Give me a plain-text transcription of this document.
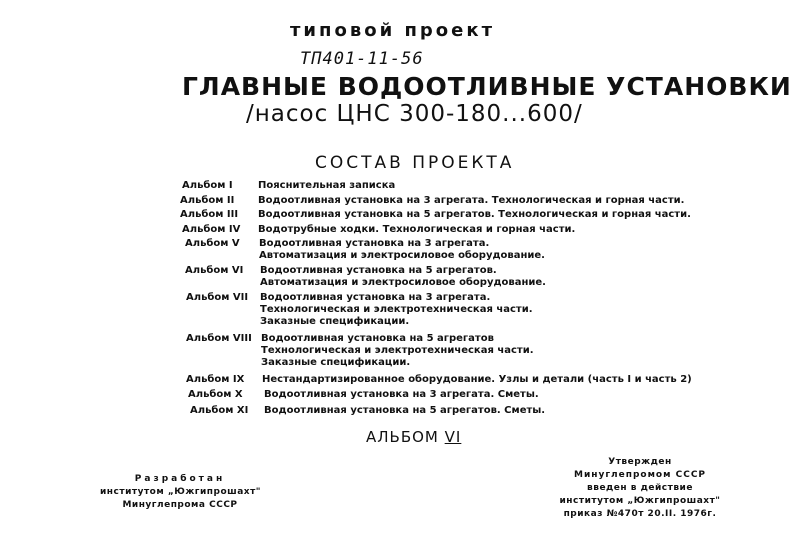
типовой проект
ТП401-11-56
ГЛАВНЫЕ ВОДООТЛИВНЫЕ УСТАНОВКИ
/насос ЦНС 300-180...600/
СОСТАВ ПРОЕКТА
Альбом I	Пояснительная записка
Альбом II Водоотливная установка на 3 агрегата. Технологическая и горная части.
Альбом III Водоотливная установка на 5 агрегатов. Технологическая и горная части.
Альбом IV Водотрубные ходки. Технологическая и горная части.
Альбом V Водоотливная установка на 3 агрегата.
Автоматизация и электросиловое оборудование.
Альбом VI Водоотливная установка на 5 агрегатов.
Автоматизация и электросиловое оборудование.
Альбом VII Водоотливная установка на 3 агрегата.
Технологическая и электротехническая части.
Заказные спецификации.
Альбом VIII Водоотливная установка на 5 агрегатов
Технологическая и электротехническая части.
Заказные спецификации.
Альбом IX Нестандартизированное оборудование. Узлы и детали (часть I и часть 2)
Альбом X Водоотливная установка на 3 агрегата. Сметы.
Альбом XI Водоотливная установка на 5 агрегатов. Сметы.
АЛЬБОМ VI
Разработан
институтом „Южгипрошахт"
Минуглепрома СССР
Утвержден
Минуглепромом СССР
введен в действие
институтом „Южгипрошахт"
приказ №470т 20.II. 1976г.
